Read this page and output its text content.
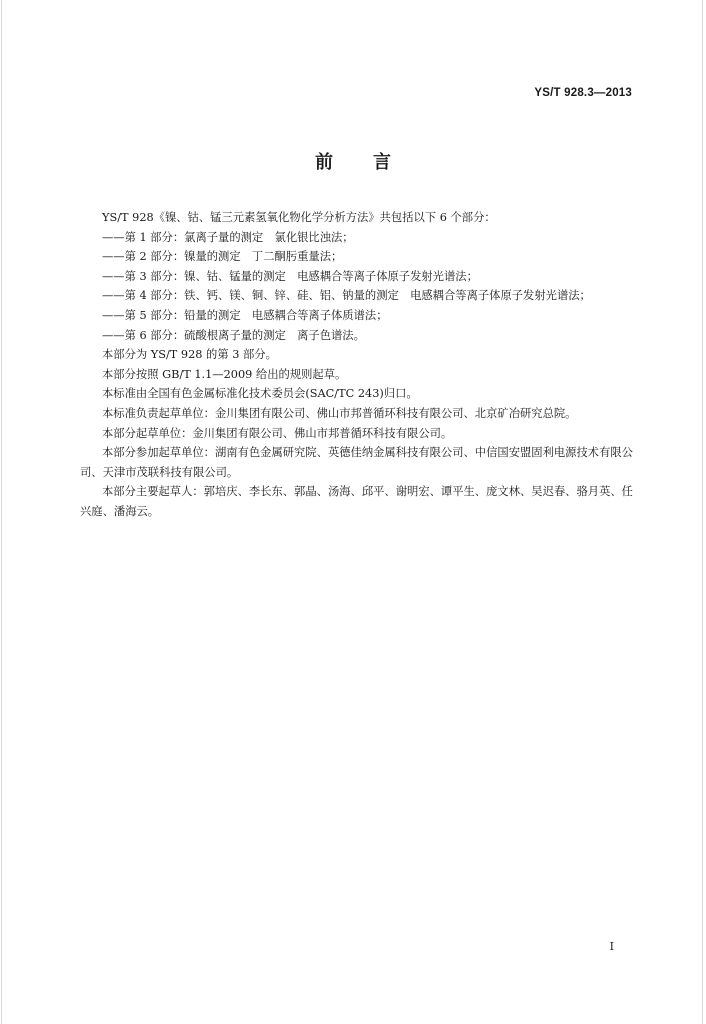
YS/T 928.3—2013
前言

YS/T 928《镍、钴、锰三元素氢氧化物化学分析方法》共包括以下 6 个部分：

——第 1 部分：氯离子量的测定　氯化银比浊法；

——第 2 部分：镍量的测定　丁二酮肟重量法；

——第 3 部分：镍、钴、锰量的测定　电感耦合等离子体原子发射光谱法；

——第 4 部分：铁、钙、镁、铜、锌、硅、铝、钠量的测定　电感耦合等离子体原子发射光谱法；

——第 5 部分：铅量的测定　电感耦合等离子体质谱法；

——第 6 部分：硫酸根离子量的测定　离子色谱法。

本部分为 YS/T 928 的第 3 部分。

本部分按照 GB/T 1.1—2009 给出的规则起草。

本标准由全国有色金属标准化技术委员会(SAC/TC 243)归口。

本标准负责起草单位：金川集团有限公司、佛山市邦普循环科技有限公司、北京矿冶研究总院。

本部分起草单位：金川集团有限公司、佛山市邦普循环科技有限公司。

本部分参加起草单位：湖南有色金属研究院、英德佳纳金属科技有限公司、中信国安盟固利电源技术有限公司、天津市茂联科技有限公司。

本部分主要起草人：郭培庆、李长东、郭晶、汤海、邱平、谢明宏、谭平生、庞文林、吴迟春、骆月英、任兴庭、潘海云。

I
